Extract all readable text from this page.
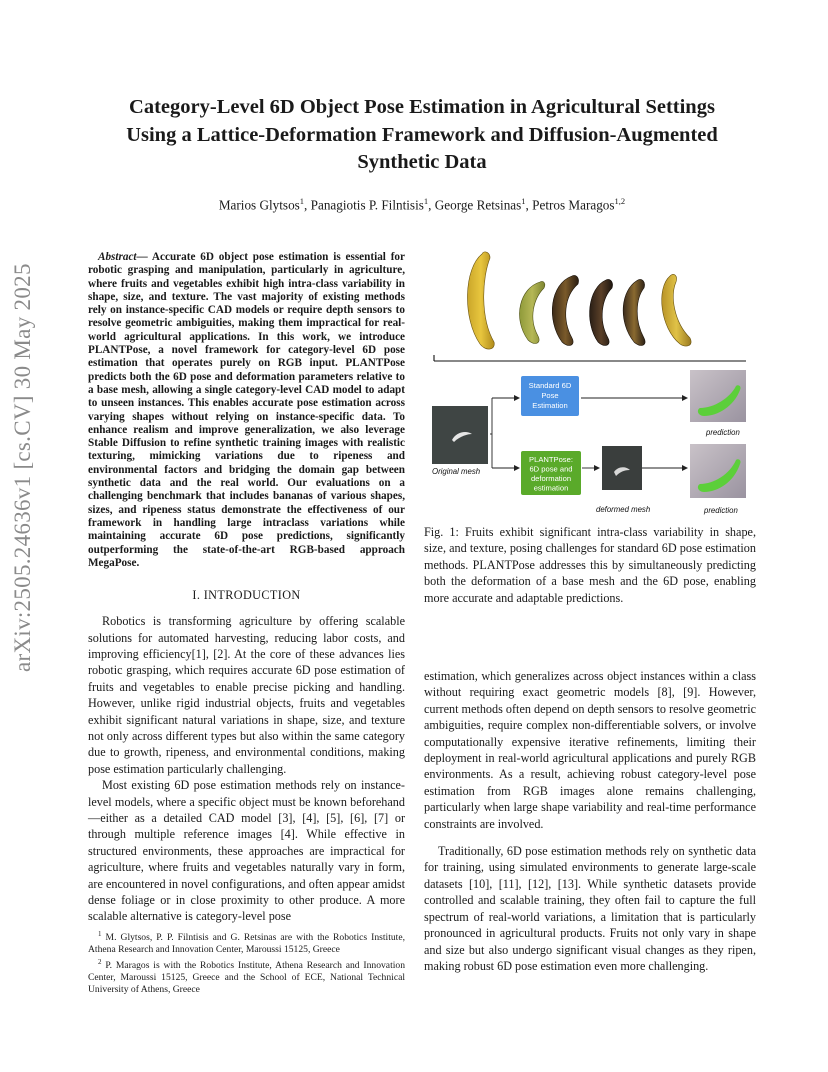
arXiv:2505.24636v1 [cs.CV] 30 May 2025
Category-Level 6D Object Pose Estimation in Agricultural Settings
Using a Lattice-Deformation Framework and Diffusion-Augmented
Synthetic Data
Marios Glytsos$^1$, Panagiotis P. Filntisis$^1$, George Retsinas$^1$, Petros Maragos$^{1,2}$

Abstract— Accurate 6D object pose estimation is essential for robotic grasping and manipulation, particularly in agriculture, where fruits and vegetables exhibit high intra-class variability in shape, size, and texture. The vast majority of existing methods rely on instance-specific CAD models or require depth sensors to resolve geometric ambiguities, making them impractical for real-world agricultural applications. In this work, we introduce PLANTPose, a novel framework for category-level 6D pose estimation that operates purely on RGB input. PLANTPose predicts both the 6D pose and deformation parameters relative to a base mesh, allowing a single category-level CAD model to adapt to unseen instances. This enables accurate pose estimation across varying shapes without relying on instance-specific data. To enhance realism and improve generalization, we also leverage Stable Diffusion to refine synthetic training images with realistic texturing, mimicking variations due to ripeness and environmental factors and bridging the domain gap between synthetic data and the real world. Our evaluations on a challenging benchmark that includes bananas of various shapes, sizes, and ripeness status demonstrate the effectiveness of our framework in handling large intraclass variations while maintaining accurate 6D pose predictions, significantly outperforming the state-of-the-art RGB-based approach MegaPose.

I. INTRODUCTION

Robotics is transforming agriculture by offering scalable solutions for automated harvesting, reducing labor costs, and improving efficiency[1], [2]. At the core of these advances lies robotic grasping, which requires accurate 6D pose estimation of fruits and vegetables to enable precise picking and handling. However, unlike rigid industrial objects, fruits and vegetables exhibit significant natural variations in shape, size, and texture not only across different types but also within the same category due to growth, ripeness, and environmental conditions, making pose estimation particularly challenging.

Most existing 6D pose estimation methods rely on instance-level models, where a specific object must be known beforehand—either as a detailed CAD model [3], [4], [5], [6], [7] or through multiple reference images [4]. While effective in structured environments, these approaches are impractical for agriculture, where fruits and vegetables naturally vary in form, are encountered in novel configurations, and often appear amidst dense foliage or in close proximity to other produce. A more scalable alternative is category-level pose

$^1$ M. Glytsos, P. P. Filntisis and G. Retsinas are with the Robotics Institute, Athena Research and Innovation Center, Maroussi 15125, Greece

$^2$ P. Maragos is with the Robotics Institute, Athena Research and Innovation Center, Maroussi 15125, Greece and the School of ECE, National Technical University of Athens, Greece

Original mesh
Standard 6D
Pose
Estimation
PLANTPose:
6D pose and
deformation
estimation
deformed mesh
prediction
prediction
Fig. 1: Fruits exhibit significant intra-class variability in shape, size, and texture, posing challenges for standard 6D pose estimation methods. PLANTPose addresses this by simultaneously predicting both the deformation of a base mesh and the 6D pose, enabling more accurate and adaptable predictions.

estimation, which generalizes across object instances within a class without requiring exact geometric models [8], [9]. However, current methods often depend on depth sensors to resolve geometric ambiguities, require complex non-differentiable solvers, or involve computationally expensive iterative refinements, limiting their deployment in real-world agricultural applications and purely RGB environments. As a result, achieving robust category-level pose estimation from RGB images alone remains challenging, particularly when large shape variability and real-time performance constraints are involved.

Traditionally, 6D pose estimation methods rely on synthetic data for training, using simulated environments to generate large-scale datasets [10], [11], [12], [13]. While synthetic datasets provide controlled and scalable training, they often fail to capture the full spectrum of real-world variations, a limitation that is particularly pronounced in agricultural products. Fruits not only vary in shape and size but also undergo significant visual changes as they ripen, making robust 6D pose estimation even more challenging.
